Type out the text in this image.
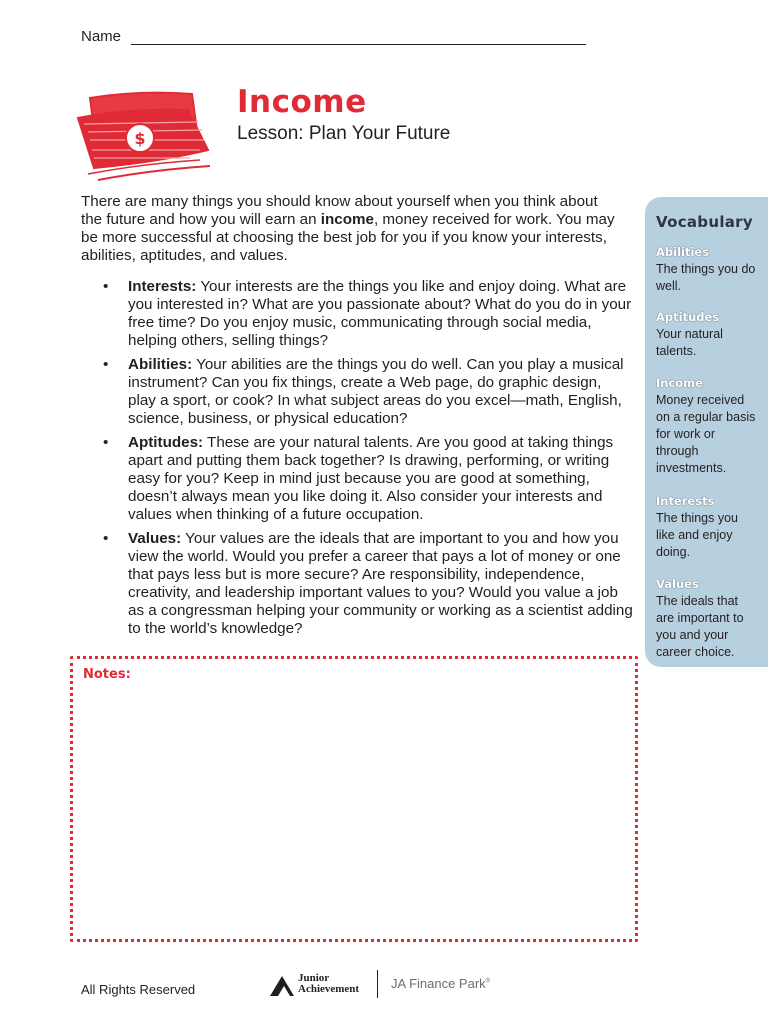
Name
$
Income
Lesson: Plan Your Future

There are many things you should know about yourself when you think about the future and how you will earn an income, money received for work. You may be more successful at choosing the best job for you if you know your interests, abilities, aptitudes, and values.

• Interests: Your interests are the things you like and enjoy doing. What are you interested in? What are you passionate about? What do you do in your free time? Do you enjoy music, communicating through social media, helping others, selling things?
• Abilities: Your abilities are the things you do well. Can you play a musical instrument? Can you fix things, create a Web page, do graphic design, play a sport, or cook? In what subject areas do you excel—math, English, science, business, or physical education?
• Aptitudes: These are your natural talents. Are you good at taking things apart and putting them back together? Is drawing, performing, or writing easy for you? Keep in mind just because you are good at something, doesn’t always mean you like doing it. Also consider your interests and values when thinking of a future occupation.
• Values: Your values are the ideals that are important to you and how you view the world. Would you prefer a career that pays a lot of money or one that pays less but is more secure? Are responsibility, independence, creativity, and leadership important values to you? Would you value a job as a congressman helping your community or working as a scientist adding to the world’s knowledge?
Vocabulary
Abilities
The things you do well.
Aptitudes
Your natural talents.
Income
Money received on a regular basis for work or through investments.
Interests
The things you like and enjoy doing.
Values
The ideals that are important to you and your career choice.
Notes:
All Rights Reserved
Junior
Achievement JA Finance Park®
